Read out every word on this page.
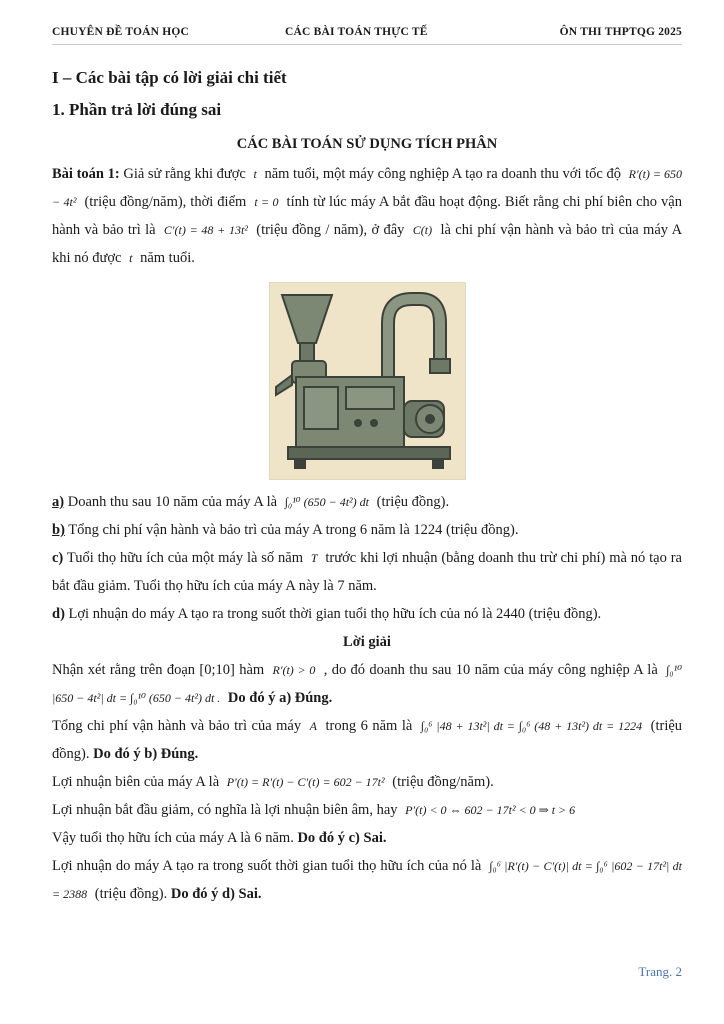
CHUYÊN ĐỀ TOÁN HỌC	CÁC BÀI TOÁN THỰC TẾ	ÔN THI THPTQG 2025
I – Các bài tập có lời giải chi tiết
1. Phần trả lời đúng sai
CÁC BÀI TOÁN SỬ DỤNG TÍCH PHÂN

Bài toán 1: Giả sử rằng khi được t năm tuổi, một máy công nghiệp A tạo ra doanh thu với tốc độ R′(t) = 650 − 4t² (triệu đồng/năm), thời điểm t = 0 tính từ lúc máy A bắt đầu hoạt động. Biết rằng chi phí biên cho vận hành và bảo trì là C′(t) = 48 + 13t² (triệu đồng / năm), ở đây C(t) là chi phí vận hành và bảo trì của máy A khi nó được t năm tuổi.

a) Doanh thu sau 10 năm của máy A là ∫₀¹⁰ (650 − 4t²) dt (triệu đồng).

b) Tổng chi phí vận hành và bảo trì của máy A trong 6 năm là 1224 (triệu đồng).

c) Tuổi thọ hữu ích của một máy là số năm T trước khi lợi nhuận (bằng doanh thu trừ chi phí) mà nó tạo ra bắt đầu giảm. Tuổi thọ hữu ích của máy A này là 7 năm.

d) Lợi nhuận do máy A tạo ra trong suốt thời gian tuổi thọ hữu ích của nó là 2440 (triệu đồng).

Lời giải

Nhận xét rằng trên đoạn [0;10] hàm R′(t) > 0 , do đó doanh thu sau 10 năm của máy công nghiệp A là ∫₀¹⁰ |650 − 4t²| dt = ∫₀¹⁰ (650 − 4t²) dt . Do đó ý a) Đúng.

Tổng chi phí vận hành và bảo trì của máy A trong 6 năm là ∫₀⁶ |48 + 13t²| dt = ∫₀⁶ (48 + 13t²) dt = 1224 (triệu đồng). Do đó ý b) Đúng.

Lợi nhuận biên của máy A là P′(t) = R′(t) − C′(t) = 602 − 17t² (triệu đồng/năm).

Lợi nhuận bắt đầu giảm, có nghĩa là lợi nhuận biên âm, hay P′(t) < 0 ⇔ 602 − 17t² < 0 ⇒ t > 6

Vậy tuổi thọ hữu ích của máy A là 6 năm. Do đó ý c) Sai.

Lợi nhuận do máy A tạo ra trong suốt thời gian tuổi thọ hữu ích của nó là ∫₀⁶ |R′(t) − C′(t)| dt = ∫₀⁶ |602 − 17t²| dt = 2388 (triệu đồng). Do đó ý d) Sai.

Trang. 2
